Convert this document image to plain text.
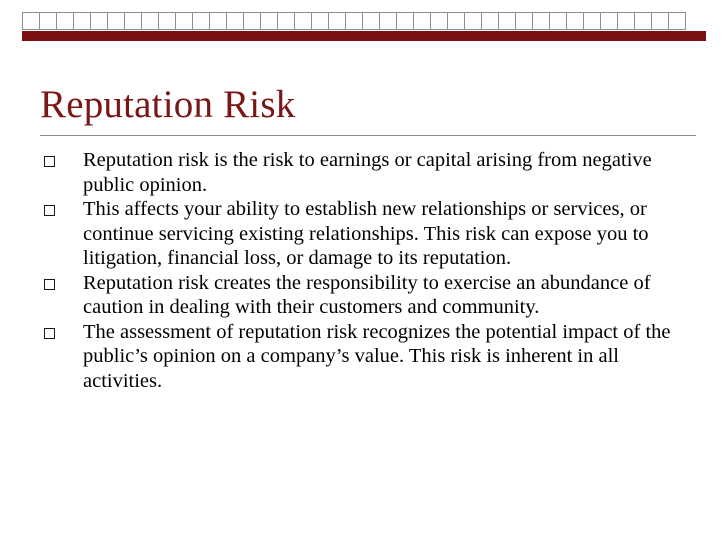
Reputation Risk
Reputation risk is the risk to earnings or capital arising from negative public opinion.
This affects your ability to establish new relationships or services, or continue servicing existing relationships. This risk can expose you to litigation, financial loss, or damage to its reputation.
Reputation risk creates the responsibility to exercise an abundance of caution in dealing with their customers and community.
The assessment of reputation risk recognizes the potential impact of the public’s opinion on a company’s value. This risk is inherent in all activities.
